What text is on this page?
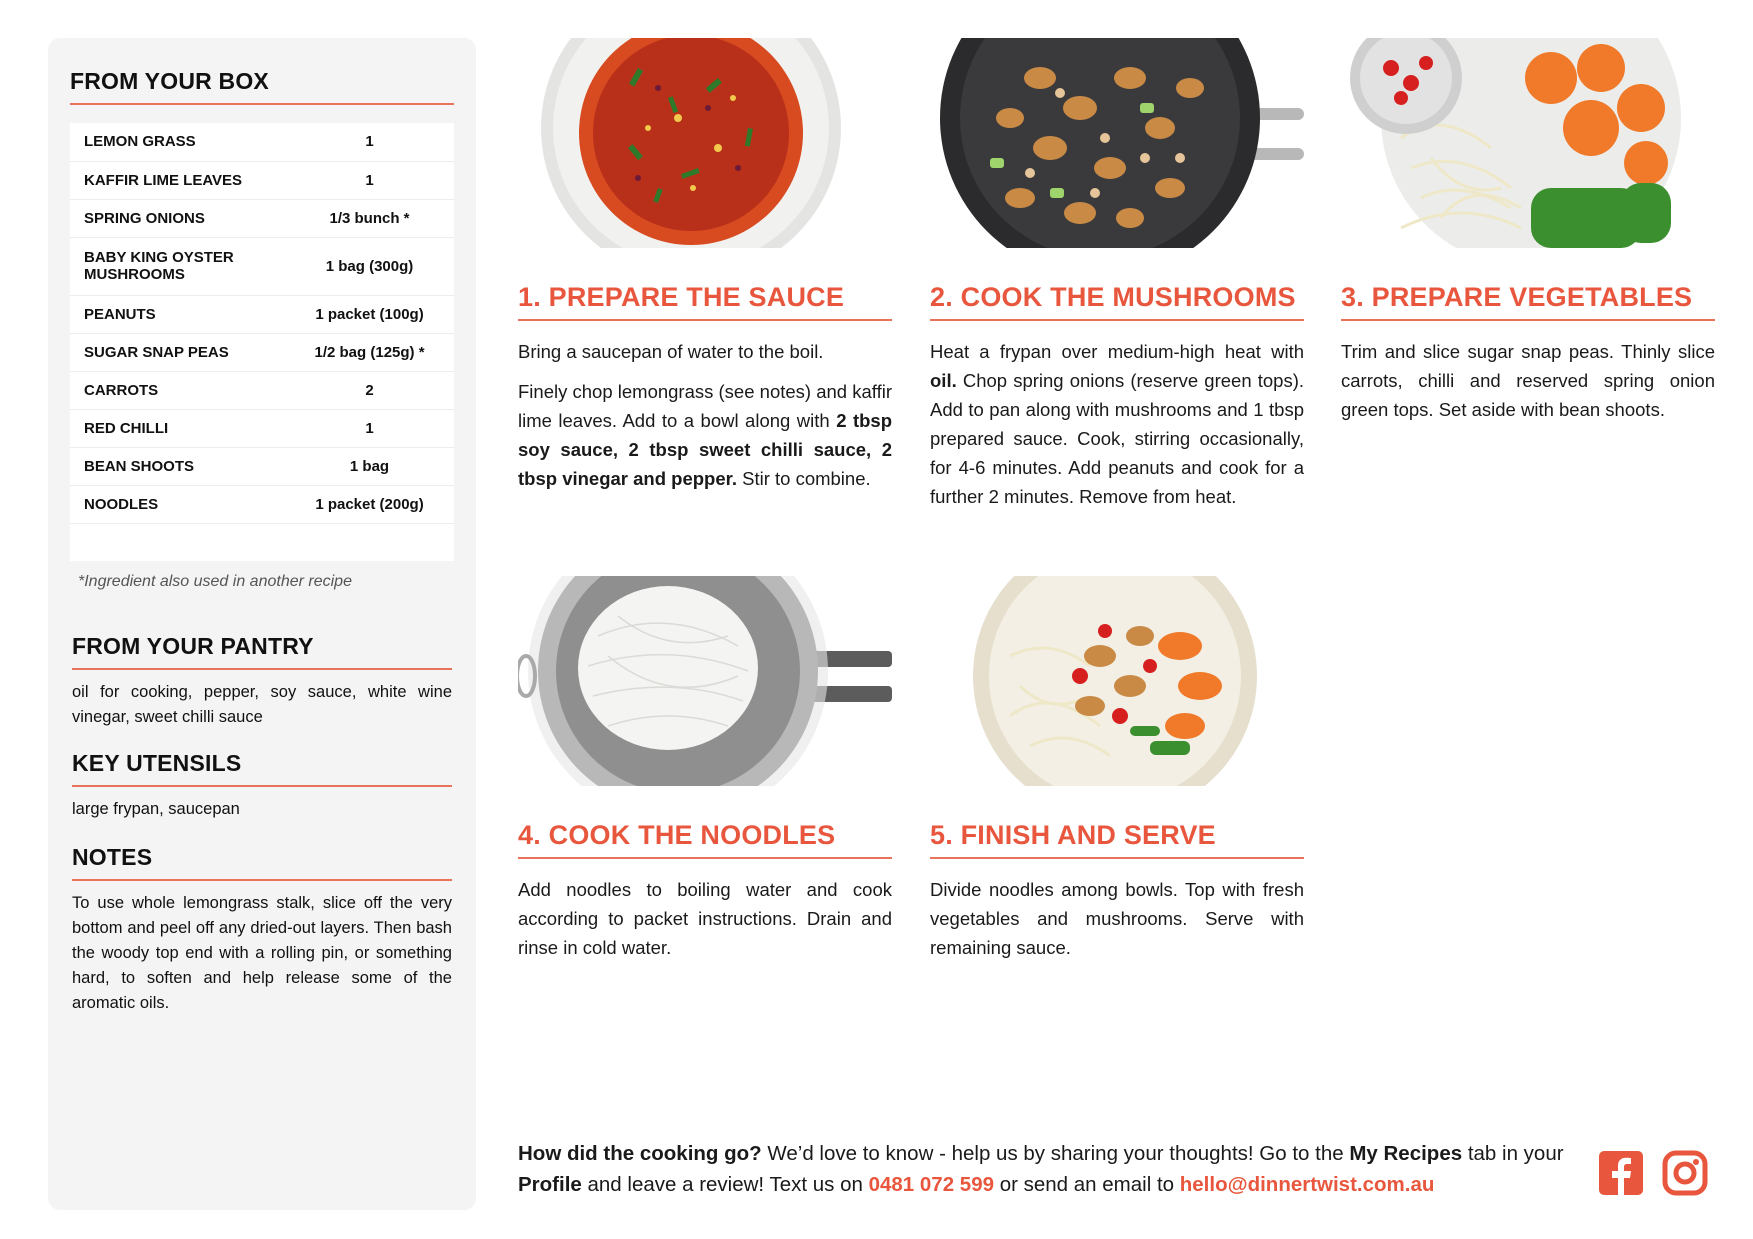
FROM YOUR BOX
LEMON GRASS	1
KAFFIR LIME LEAVES	1
SPRING ONIONS	1/3 bunch *
BABY KING OYSTER MUSHROOMS	1 bag (300g)
PEANUTS	1 packet (100g)
SUGAR SNAP PEAS	1/2 bag (125g) *
CARROTS	2
RED CHILLI	1
BEAN SHOOTS	1 bag
NOODLES	1 packet (200g)

*Ingredient also used in another recipe
FROM YOUR PANTRY

oil for cooking, pepper, soy sauce, white wine vinegar, sweet chilli sauce

KEY UTENSILS

large frypan, saucepan

NOTES

To use whole lemongrass stalk, slice off the very bottom and peel off any dried-out layers. Then bash the woody top end with a rolling pin, or something hard, to soften and help release some of the aromatic oils.

1. PREPARE THE SAUCE

Bring a saucepan of water to the boil.

Finely chop lemongrass (see notes) and kaffir lime leaves. Add to a bowl along with 2 tbsp soy sauce, 2 tbsp sweet chilli sauce, 2 tbsp vinegar and pepper. Stir to combine.

2. COOK THE MUSHROOMS

Heat a frypan over medium-high heat with oil. Chop spring onions (reserve green tops). Add to pan along with mushrooms and 1 tbsp prepared sauce. Cook, stirring occasionally, for 4-6 minutes. Add peanuts and cook for a further 2 minutes. Remove from heat.

3. PREPARE VEGETABLES

Trim and slice sugar snap peas. Thinly slice carrots, chilli and reserved spring onion green tops. Set aside with bean shoots.

4. COOK THE NOODLES

Add noodles to boiling water and cook according to packet instructions. Drain and rinse in cold water.

5. FINISH AND SERVE

Divide noodles among bowls. Top with fresh vegetables and mushrooms. Serve with remaining sauce.

How did the cooking go? We’d love to know - help us by sharing your thoughts! Go to the My Recipes tab in your Profile and leave a review! Text us on 0481 072 599 or send an email to hello@dinnertwist.com.au
